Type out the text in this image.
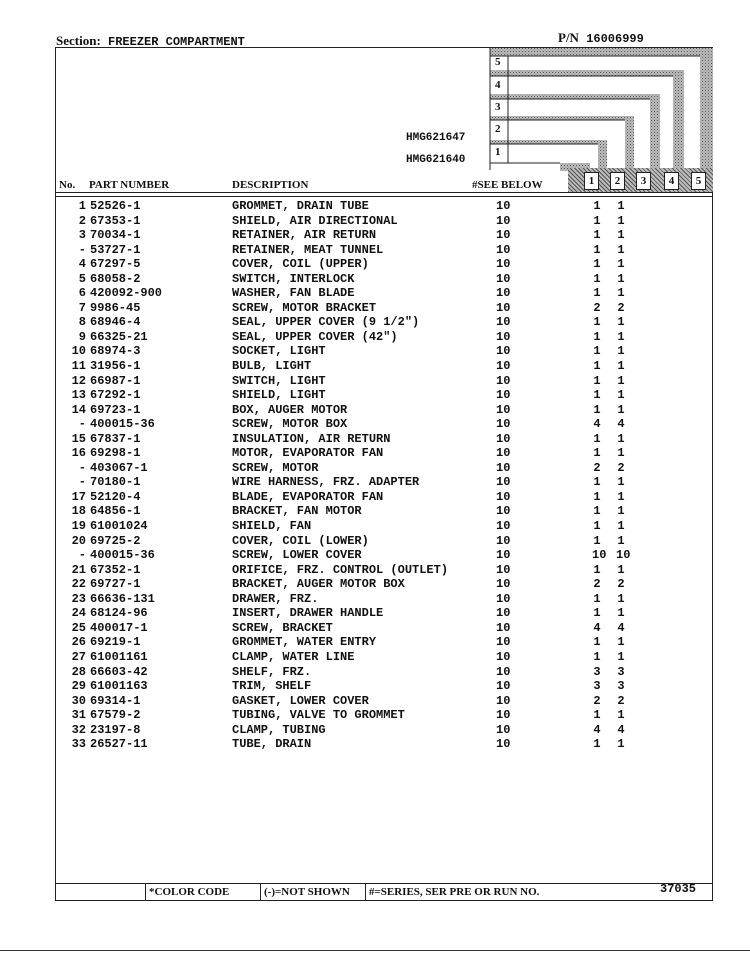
Section: FREEZER COMPARTMENT	P/N 16006999
5
4
3
2
1
HMG621647
HMG621640
1	2	3	4	5
No. PART NUMBER	DESCRIPTION	#SEE BELOW
1 52526-1	GROMMET, DRAIN TUBE	10	1 1
2 67353-1	SHIELD, AIR DIRECTIONAL	10	1 1
3 70034-1	RETAINER, AIR RETURN	10	1 1
- 53727-1	RETAINER, MEAT TUNNEL	10	1 1
4 67297-5	COVER, COIL (UPPER)	10	1 1
5 68058-2	SWITCH, INTERLOCK	10	1 1
6 420092-900	WASHER, FAN BLADE	10	1 1
7 9986-45	SCREW, MOTOR BRACKET	10	2 2
8 68946-4	SEAL, UPPER COVER (9 1/2")	10	1 1
9 66325-21	SEAL, UPPER COVER (42")	10	1 1
10 68974-3	SOCKET, LIGHT	10	1 1
11 31956-1	BULB, LIGHT	10	1 1
12 66987-1	SWITCH, LIGHT	10	1 1
13 67292-1	SHIELD, LIGHT	10	1 1
14 69723-1	BOX, AUGER MOTOR	10	1 1
- 400015-36	SCREW, MOTOR BOX	10	4 4
15 67837-1	INSULATION, AIR RETURN	10	1 1
16 69298-1	MOTOR, EVAPORATOR FAN	10	1 1
- 403067-1	SCREW, MOTOR	10	2 2
- 70180-1	WIRE HARNESS, FRZ. ADAPTER	10	1 1
17 52120-4	BLADE, EVAPORATOR FAN	10	1 1
18 64856-1	BRACKET, FAN MOTOR	10	1 1
19 61001024	SHIELD, FAN	10	1 1
20 69725-2	COVER, COIL (LOWER)	10	1 1
- 400015-36	SCREW, LOWER COVER	10	10 10
21 67352-1	ORIFICE, FRZ. CONTROL (OUTLET)	10	1 1
22 69727-1	BRACKET, AUGER MOTOR BOX	10	2 2
23 66636-131	DRAWER, FRZ.	10	1 1
24 68124-96	INSERT, DRAWER HANDLE	10	1 1
25 400017-1	SCREW, BRACKET	10	4 4
26 69219-1	GROMMET, WATER ENTRY	10	1 1
27 61001161	CLAMP, WATER LINE	10	1 1
28 66603-42	SHELF, FRZ.	10	3 3
29 61001163	TRIM, SHELF	10	3 3
30 69314-1	GASKET, LOWER COVER	10	2 2
31 67579-2	TUBING, VALVE TO GROMMET	10	1 1
32 23197-8	CLAMP, TUBING	10	4 4
33 26527-11	TUBE, DRAIN	10	1 1
*COLOR CODE	(-)=NOT SHOWN	#=SERIES, SER PRE OR RUN NO.	37035
